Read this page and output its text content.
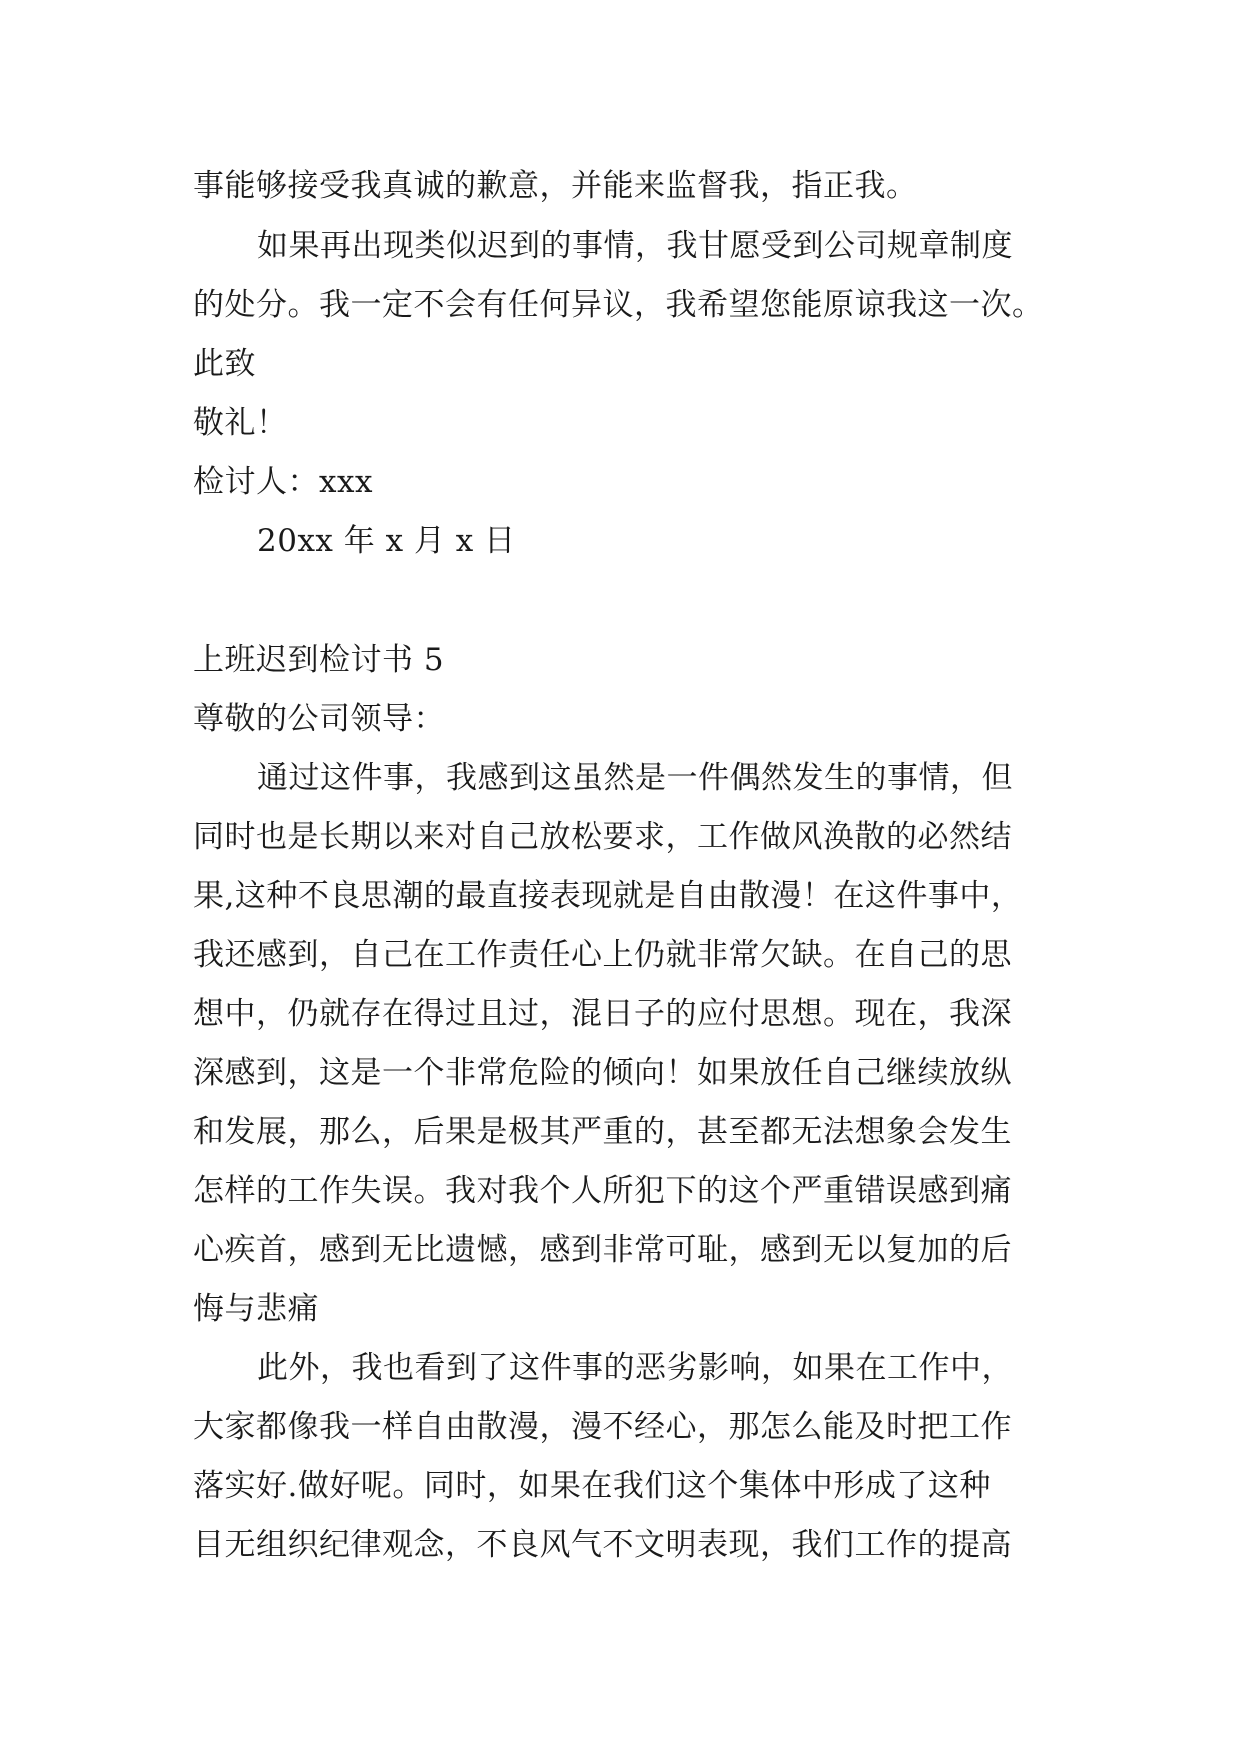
事能够接受我真诚的歉意，并能来监督我，指正我。
如果再出现类似迟到的事情，我甘愿受到公司规章制度
的处分。我一定不会有任何异议，我希望您能原谅我这一次。
此致
敬礼！
检讨人：xxx
20xx 年 x 月 x 日
上班迟到检讨书 5
尊敬的公司领导：
通过这件事，我感到这虽然是一件偶然发生的事情，但
同时也是长期以来对自己放松要求，工作做风涣散的必然结
果,这种不良思潮的最直接表现就是自由散漫！在这件事中，
我还感到，自己在工作责任心上仍就非常欠缺。在自己的思
想中，仍就存在得过且过，混日子的应付思想。现在，我深
深感到，这是一个非常危险的倾向！如果放任自己继续放纵
和发展，那么，后果是极其严重的，甚至都无法想象会发生
怎样的工作失误。我对我个人所犯下的这个严重错误感到痛
心疾首，感到无比遗憾，感到非常可耻，感到无以复加的后
悔与悲痛
此外，我也看到了这件事的恶劣影响，如果在工作中，
大家都像我一样自由散漫，漫不经心，那怎么能及时把工作
落实好.做好呢。同时，如果在我们这个集体中形成了这种
目无组织纪律观念，不良风气不文明表现，我们工作的提高
